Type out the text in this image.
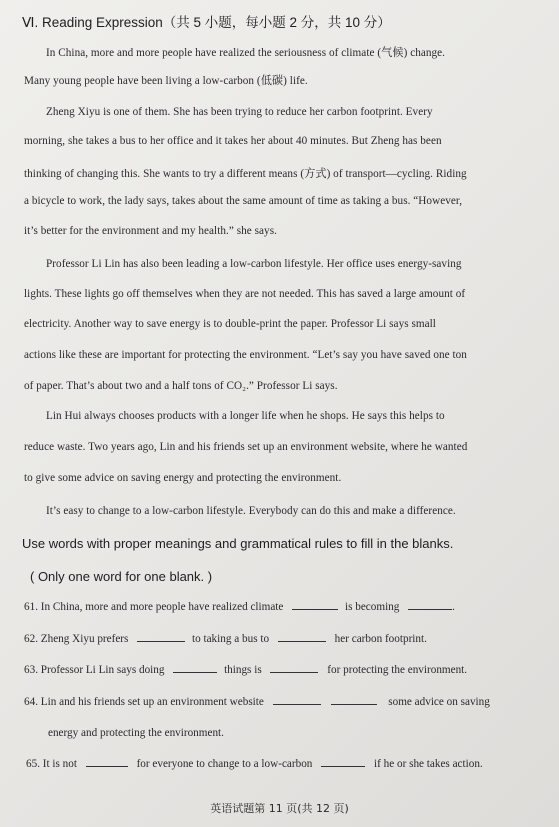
Ⅵ. Reading Expression（共 5 小题，每小题 2 分，共 10 分）
In China, more and more people have realized the seriousness of climate (气候) change.
Many young people have been living a low-carbon (低碳) life.
Zheng Xiyu is one of them. She has been trying to reduce her carbon footprint. Every
morning, she takes a bus to her office and it takes her about 40 minutes. But Zheng has been
thinking of changing this. She wants to try a different means (方式) of transport—cycling. Riding
a bicycle to work, the lady says, takes about the same amount of time as taking a bus. “However,
it’s better for the environment and my health.” she says.
Professor Li Lin has also been leading a low-carbon lifestyle. Her office uses energy-saving
lights. These lights go off themselves when they are not needed. This has saved a large amount of
electricity. Another way to save energy is to double-print the paper. Professor Li says small
actions like these are important for protecting the environment. “Let’s say you have saved one ton
of paper. That’s about two and a half tons of CO₂.” Professor Li says.
Lin Hui always chooses products with a longer life when he shops. He says this helps to
reduce waste. Two years ago, Lin and his friends set up an environment website, where he wanted
to give some advice on saving energy and protecting the environment.
It’s easy to change to a low-carbon lifestyle. Everybody can do this and make a difference.
Use words with proper meanings and grammatical rules to fill in the blanks.
( Only one word for one blank. )
61. In China, more and more people have realized climate	is becoming	.
62. Zheng Xiyu prefers	to taking a bus to	her carbon footprint.
63. Professor Li Lin says doing	things is	for protecting the environment.
64. Lin and his friends set up an environment website	some advice on saving
energy and protecting the environment.
65. It is not	for everyone to change to a low-carbon	if he or she takes action.
英语试题第 11 页(共 12 页)
